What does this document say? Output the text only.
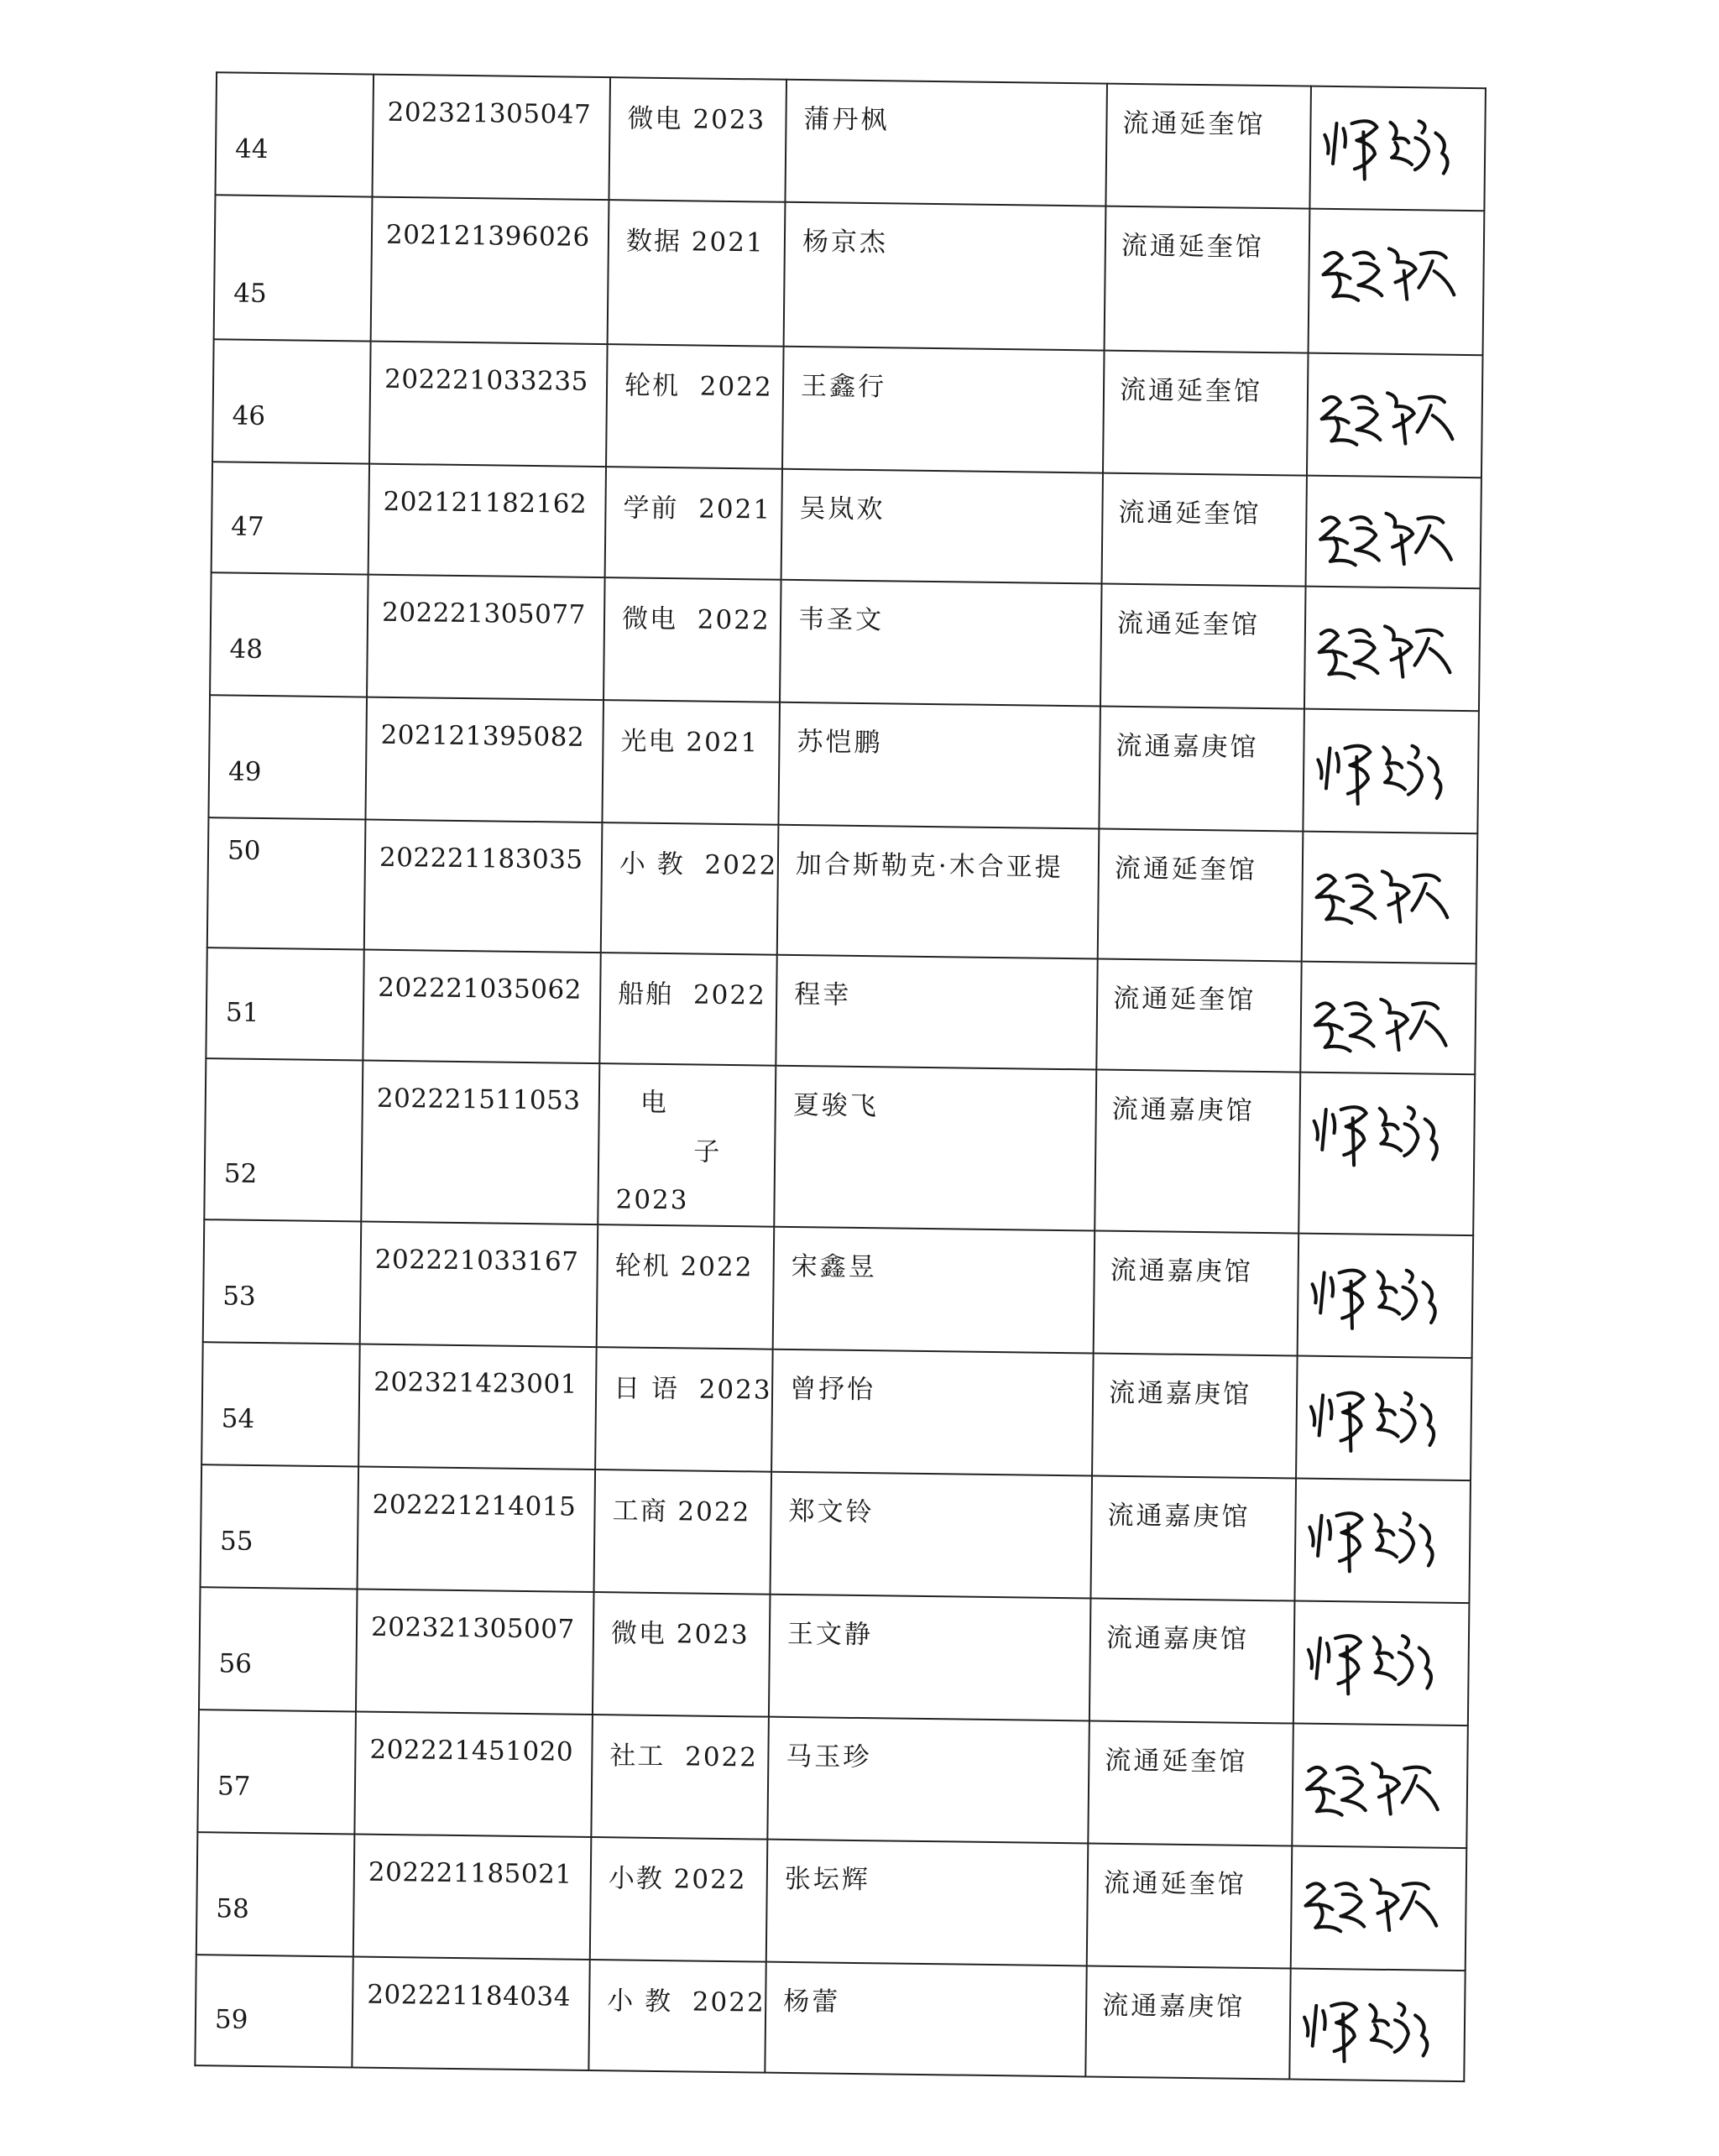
44	202321305047	微电 2023	蒲丹枫	流通延奎馆

45	202121396026	数据 2021	杨京杰	流通延奎馆

46	202221033235	轮机  2022	王鑫行	流通延奎馆

47	202121182162	学前  2021	吴岚欢	流通延奎馆

48	202221305077	微电  2022	韦圣文	流通延奎馆

49	202121395082	光电 2021	苏恺鹏	流通嘉庚馆

50	202221183035	小 教  2022	加合斯勒克·木合亚提	流通延奎馆

51	202221035062	船舶  2022	程幸	流通延奎馆

52	202221511053	电子2023	夏骏飞	流通嘉庚馆

53	202221033167	轮机 2022	宋鑫昱	流通嘉庚馆

54	202321423001	日 语  2023	曾抒怡	流通嘉庚馆

55	202221214015	工商 2022	郑文铃	流通嘉庚馆

56	202321305007	微电 2023	王文静	流通嘉庚馆

57	202221451020	社工  2022	马玉珍	流通延奎馆

58	202221185021	小教 2022	张坛辉	流通延奎馆

59	202221184034	小 教  2022	杨蕾	流通嘉庚馆
